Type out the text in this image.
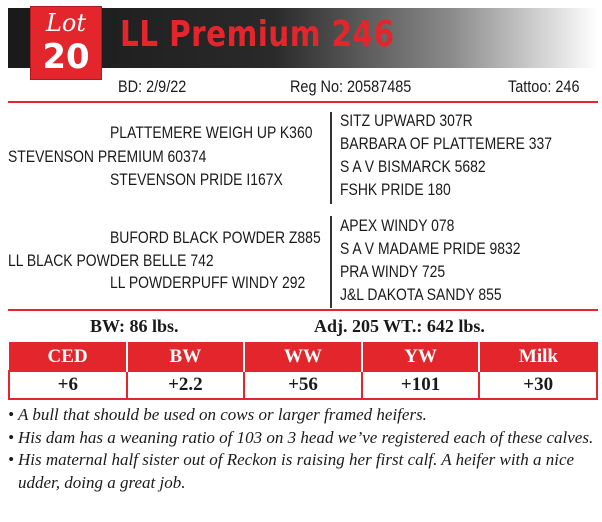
Lot
20
LL Premium 246
BD: 2/9/22	Reg No: 20587485	Tattoo: 246
PLATTEMERE WEIGH UP K360
STEVENSON PREMIUM 60374
STEVENSON PRIDE I167X
SITZ UPWARD 307R
BARBARA OF PLATTEMERE 337
S A V BISMARCK 5682
FSHK PRIDE 180
BUFORD BLACK POWDER Z885
LL BLACK POWDER BELLE 742
LL POWDERPUFF WINDY 292
APEX WINDY 078
S A V MADAME PRIDE 9832
PRA WINDY 725
J&L DAKOTA SANDY 855
BW: 86 lbs.	Adj. 205 WT.: 642 lbs.
CED	BW	WW	YW	Milk
+6	+2.2	+56	+101	+30
• A bull that should be used on cows or larger framed heifers.
• His dam has a weaning ratio of 103 on 3 head we’ve registered each of these calves.
• His maternal half sister out of Reckon is raising her first calf. A heifer with a nice udder, doing a great job.
